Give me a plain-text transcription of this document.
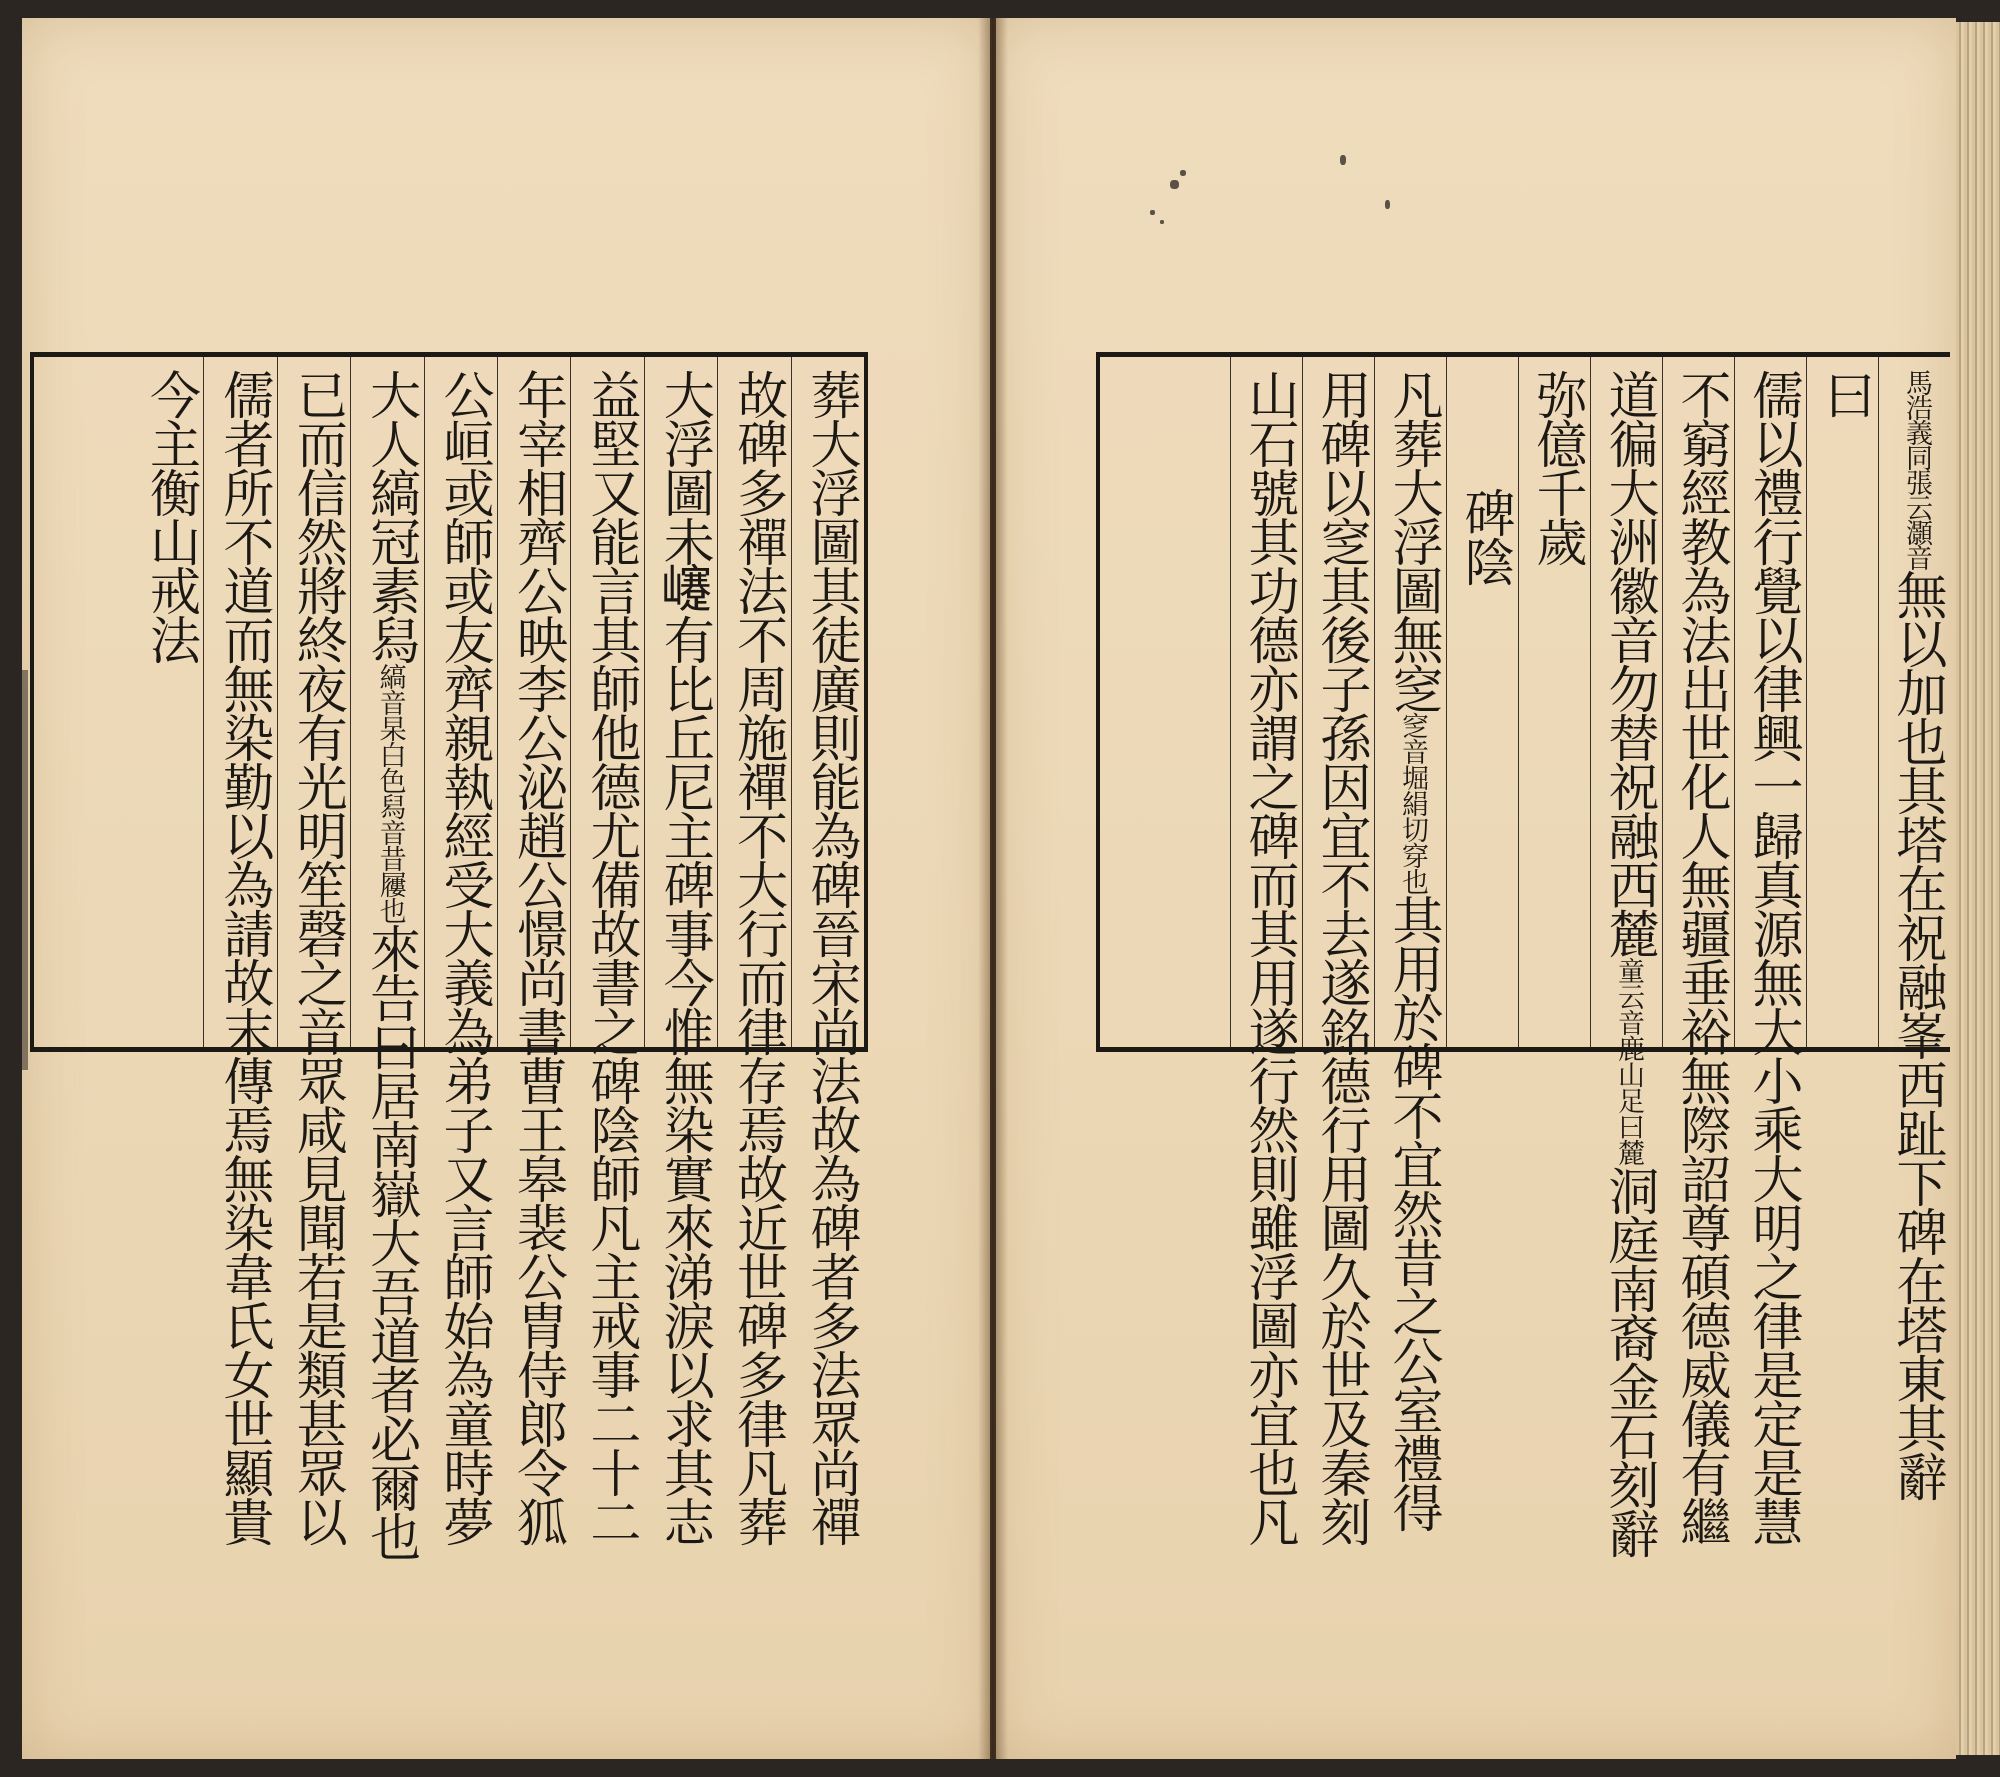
葬大浮圖其徒廣則能為碑晉宋尚法故為碑者多法眾尚禪
故碑多禪法不周施禪不大行而律存焉故近世碑多律凡葬
大浮圖未𡾰有比丘尼主碑事今惟無染實來涕淚以求其志
益堅又能言其師他德尤備故書之碑陰師凡主戒事二十二
年宰相齊公映李公泌趙公憬尚書曹王皋裴公胄侍郎令狐
公峘或師或友齊親執經受大義為弟子又言師始為童時夢
大人縞冠素舄縞音杲白色舄音昔屨也來告曰居南嶽大吾道者必爾也
已而信然將終夜有光明笙磬之音眾咸見聞若是類甚眾以
儒者所不道而無染勤以為請故末傳焉無染韋氏女世顯貴
今主衡山戒法	馬浩義同張云灝音無以加也其塔在祝融峯西趾下碑在塔東其辭
曰
儒以禮行覺以律興一歸真源無大小乘大明之律是定是慧
不窮經教為法出世化人無疆垂裕無際詔尊碩德威儀有繼
道徧大洲徽音勿替祝融西麓童云音鹿山足曰麓洞庭南裔金石刻辭
弥億千歲
碑陰
凡葬大浮圖無窆窆音堀絹切穿也其用於碑不宜然昔之公室禮得
用碑以窆其後子孫因宜不去遂銘德行用圖久於世及秦刻
山石號其功德亦謂之碑而其用遂行然則雖浮圖亦宜也凡
